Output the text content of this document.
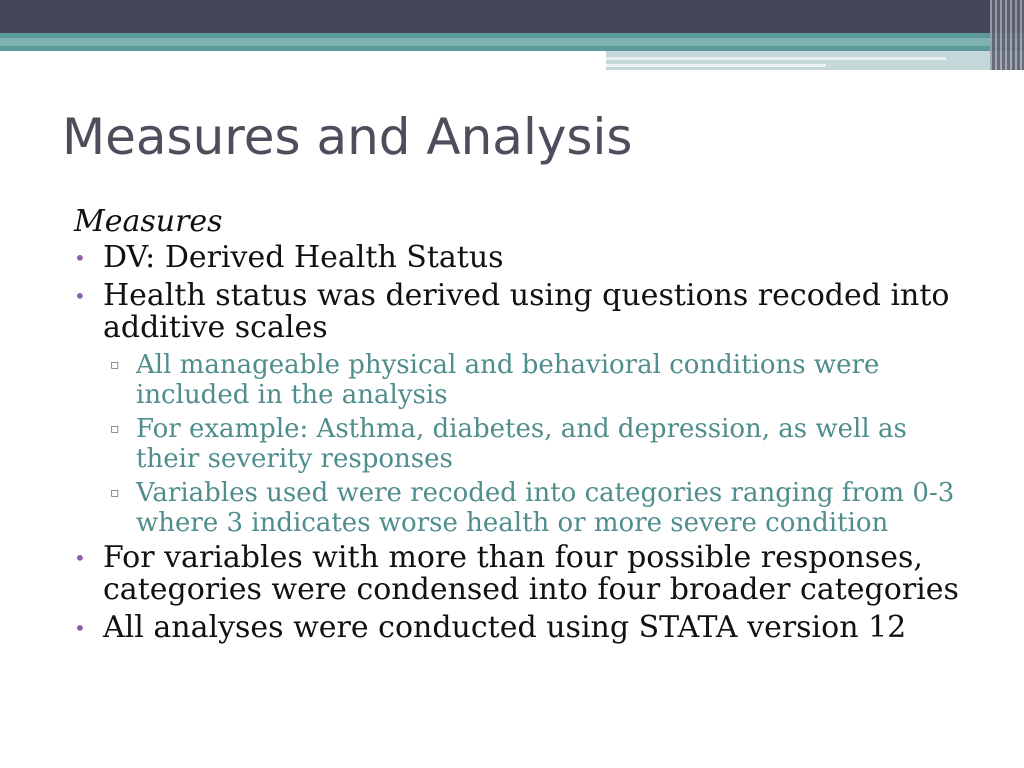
Measures and Analysis
Measures
• DV: Derived Health Status
• Health status was derived using questions recoded into additive scales
▫ All manageable physical and behavioral conditions were included in the analysis
▫ For example: Asthma, diabetes, and depression, as well as their severity responses
▫ Variables used were recoded into categories ranging from 0-3 where 3 indicates worse health or more severe condition
• For variables with more than four possible responses, categories were condensed into four broader categories
• All analyses were conducted using STATA version 12
